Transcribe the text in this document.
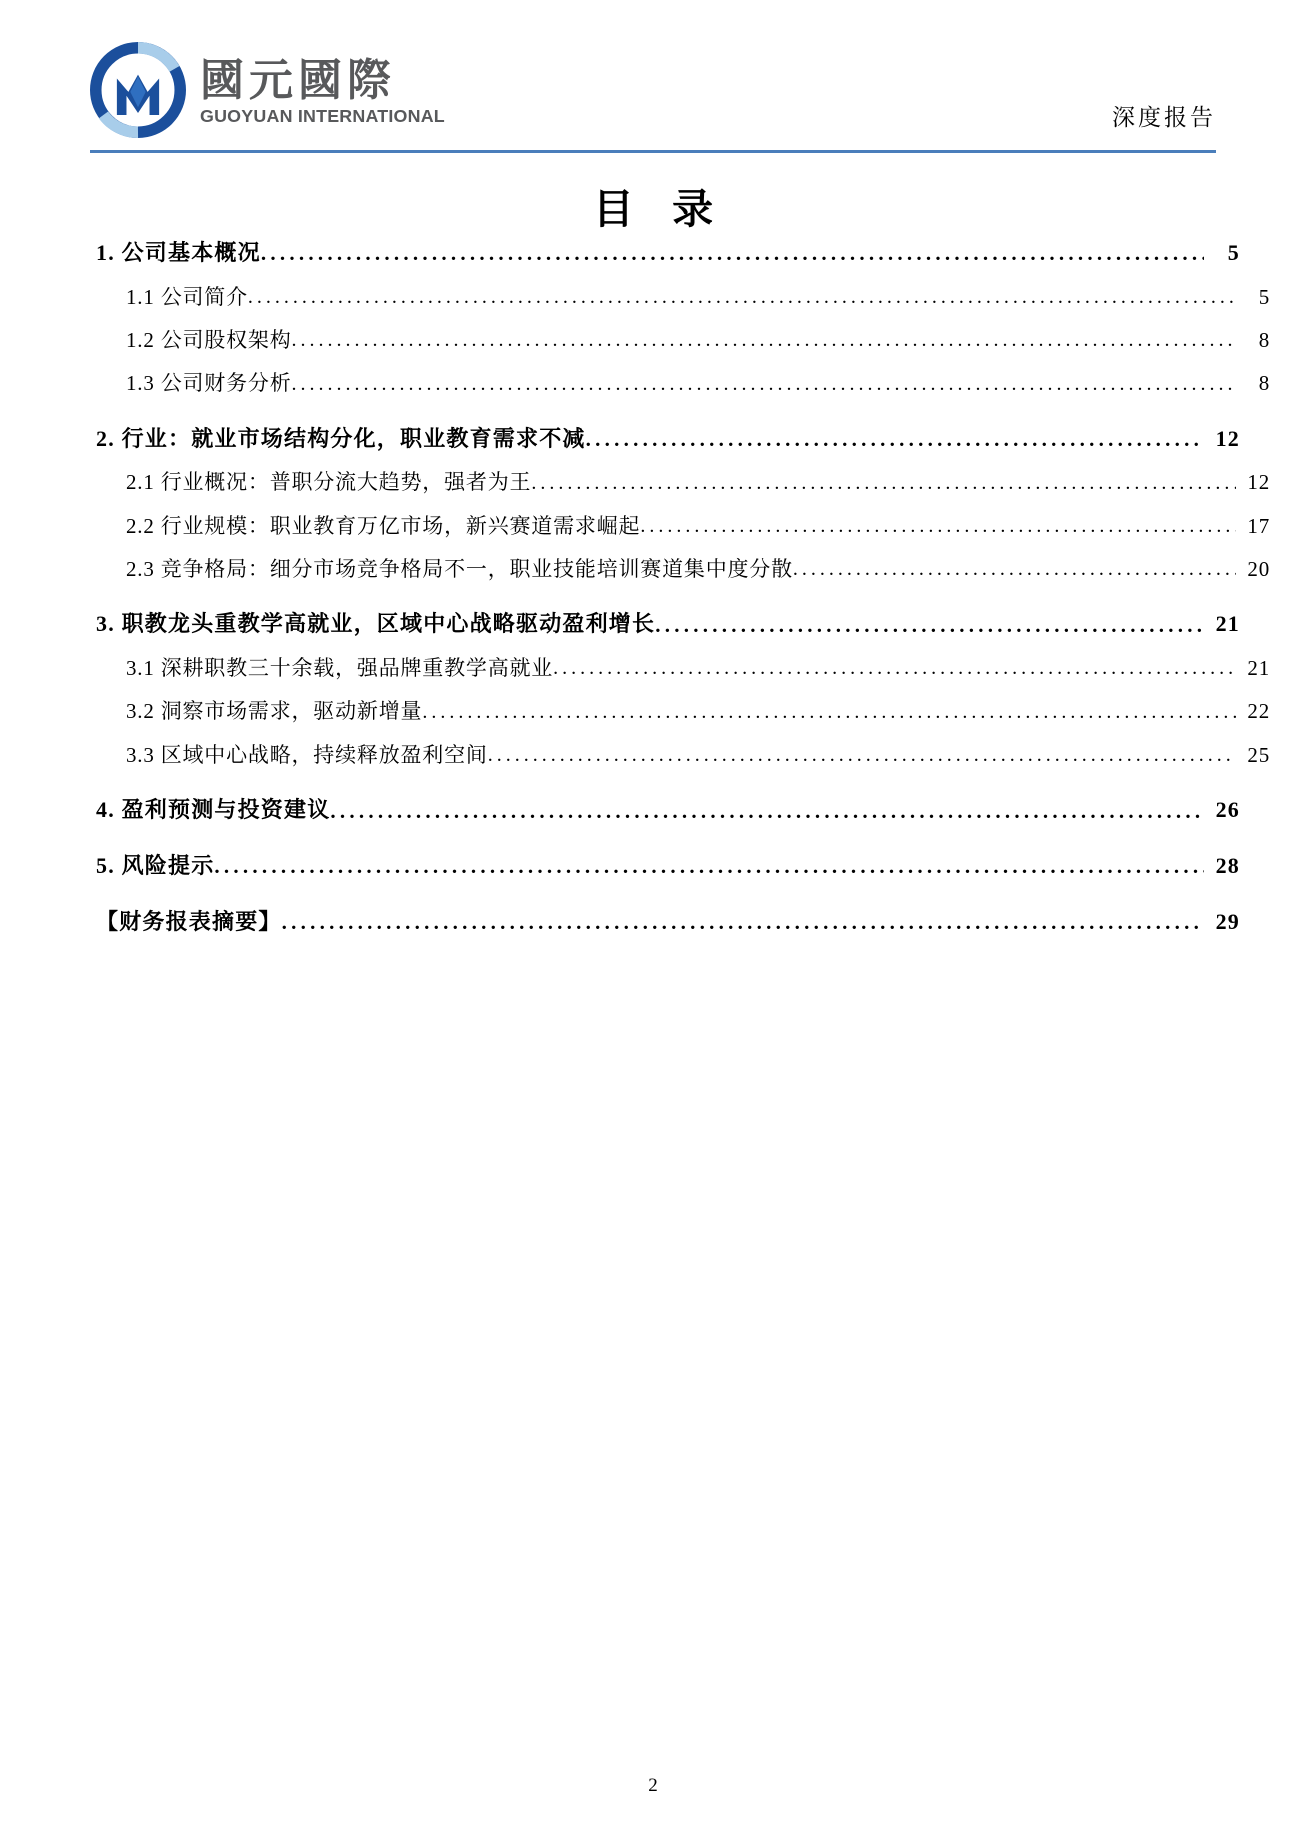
國元國際
GUOYUAN INTERNATIONAL	深度报告
目 录
1. 公司基本概况 . . .	5
1.1 公司简介 . . .	5
1.2 公司股权架构 . . .	8
1.3 公司财务分析 . . .	8
2. 行业：就业市场结构分化，职业教育需求不减 . . .	12
2.1 行业概况：普职分流大趋势，强者为王 . . .	12
2.2 行业规模：职业教育万亿市场，新兴赛道需求崛起 . . .	17
2.3 竞争格局：细分市场竞争格局不一，职业技能培训赛道集中度分散 . . .	20
3. 职教龙头重教学高就业，区域中心战略驱动盈利增长 . . .	21
3.1 深耕职教三十余载，强品牌重教学高就业 . . .	21
3.2 洞察市场需求，驱动新增量 . . .	22
3.3 区域中心战略，持续释放盈利空间 . . .	25
4. 盈利预测与投资建议 . . .	26
5. 风险提示 . . .	28
【财务报表摘要】 . . .	29
2
